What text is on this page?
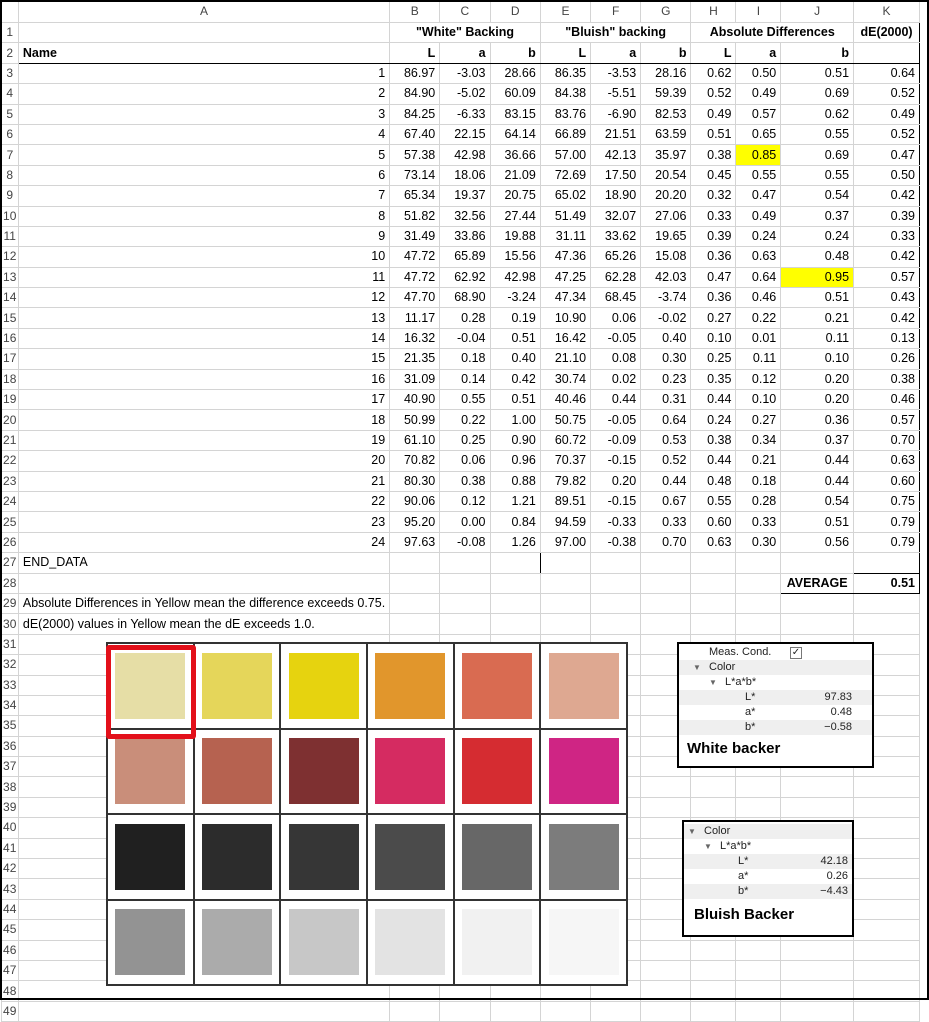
	A	B	C	D	E	F	G	H	I	J	K	
1		"White" Backing			"Bluish" backing			Absolute Differences			dE(2000)	
2	Name	L	a	b	L	a	b	L	a	b		
3	1	86.97	-3.03	28.66	86.35	-3.53	28.16	0.62	0.50	0.51	0.64	
4	2	84.90	-5.02	60.09	84.38	-5.51	59.39	0.52	0.49	0.69	0.52	
5	3	84.25	-6.33	83.15	83.76	-6.90	82.53	0.49	0.57	0.62	0.49	
6	4	67.40	22.15	64.14	66.89	21.51	63.59	0.51	0.65	0.55	0.52	
7	5	57.38	42.98	36.66	57.00	42.13	35.97	0.38	0.85	0.69	0.47	
8	6	73.14	18.06	21.09	72.69	17.50	20.54	0.45	0.55	0.55	0.50	
9	7	65.34	19.37	20.75	65.02	18.90	20.20	0.32	0.47	0.54	0.42	
10	8	51.82	32.56	27.44	51.49	32.07	27.06	0.33	0.49	0.37	0.39	
11	9	31.49	33.86	19.88	31.11	33.62	19.65	0.39	0.24	0.24	0.33	
12	10	47.72	65.89	15.56	47.36	65.26	15.08	0.36	0.63	0.48	0.42	
13	11	47.72	62.92	42.98	47.25	62.28	42.03	0.47	0.64	0.95	0.57	
14	12	47.70	68.90	-3.24	47.34	68.45	-3.74	0.36	0.46	0.51	0.43	
15	13	11.17	0.28	0.19	10.90	0.06	-0.02	0.27	0.22	0.21	0.42	
16	14	16.32	-0.04	0.51	16.42	-0.05	0.40	0.10	0.01	0.11	0.13	
17	15	21.35	0.18	0.40	21.10	0.08	0.30	0.25	0.11	0.10	0.26	
18	16	31.09	0.14	0.42	30.74	0.02	0.23	0.35	0.12	0.20	0.38	
19	17	40.90	0.55	0.51	40.46	0.44	0.31	0.44	0.10	0.20	0.46	
20	18	50.99	0.22	1.00	50.75	-0.05	0.64	0.24	0.27	0.36	0.57	
21	19	61.10	0.25	0.90	60.72	-0.09	0.53	0.38	0.34	0.37	0.70	
22	20	70.82	0.06	0.96	70.37	-0.15	0.52	0.44	0.21	0.44	0.63	
23	21	80.30	0.38	0.88	79.82	0.20	0.44	0.48	0.18	0.44	0.60	
24	22	90.06	0.12	1.21	89.51	-0.15	0.67	0.55	0.28	0.54	0.75	
25	23	95.20	0.00	0.84	94.59	-0.33	0.33	0.60	0.33	0.51	0.79	
26	24	97.63	-0.08	1.26	97.00	-0.38	0.70	0.63	0.30	0.56	0.79	
27	END_DATA											
28										AVERAGE	0.51	
29	Absolute Differences in Yellow mean the difference exceeds 0.75.											
30	dE(2000) values in Yellow mean the dE exceeds 1.0.											
31												
32												
33												
34												
35												
36												
37												
38												
39												
40												
41												
42												
43												
44												
45												
46												
47												
48												
49												
Meas. Cond. ✓
▼ Color
▼ L*a*b*
L*	97.83
a*	0.48
b*	−0.58
White backer
▼ Color
▼ L*a*b*
L*	42.18
a*	0.26
b*	−4.43
Bluish Backer
